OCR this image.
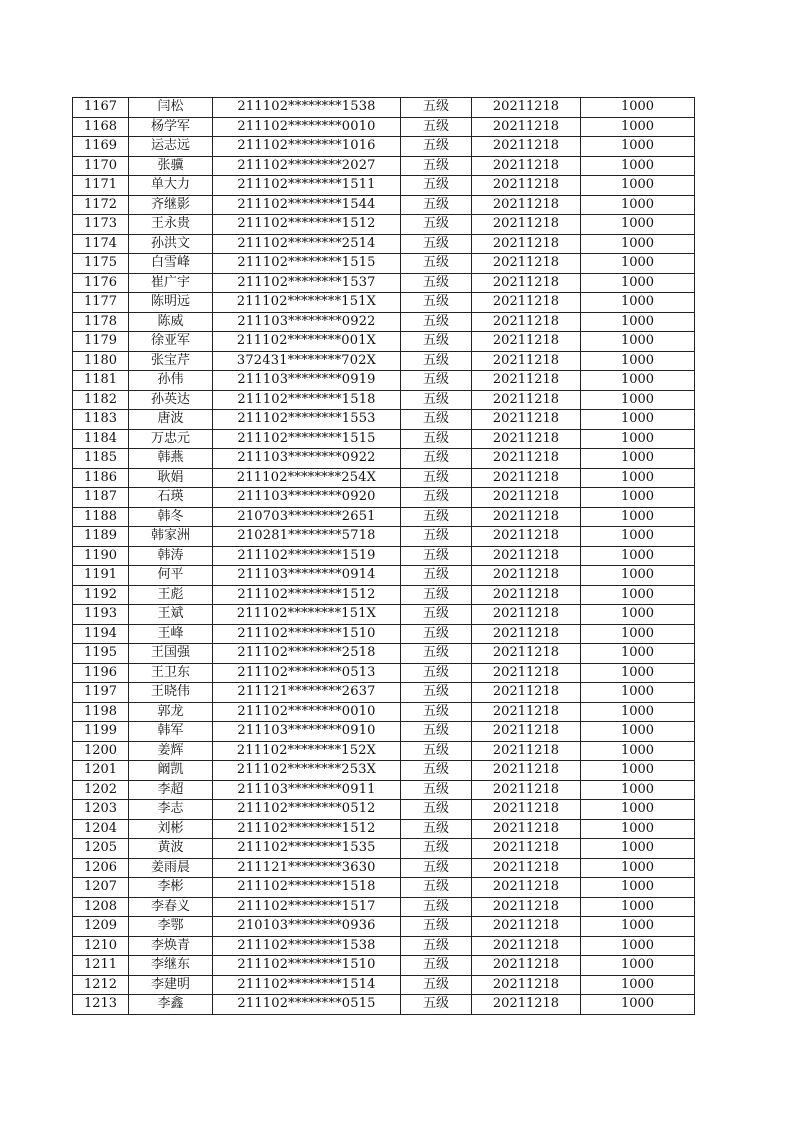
1167	闫松	211102********1538	五级	20211218	1000
1168	杨学军	211102********0010	五级	20211218	1000
1169	运志远	211102********1016	五级	20211218	1000
1170	张骥	211102********2027	五级	20211218	1000
1171	单大力	211102********1511	五级	20211218	1000
1172	齐继影	211102********1544	五级	20211218	1000
1173	王永贵	211102********1512	五级	20211218	1000
1174	孙洪文	211102********2514	五级	20211218	1000
1175	白雪峰	211102********1515	五级	20211218	1000
1176	崔广宇	211102********1537	五级	20211218	1000
1177	陈明远	211102********151X	五级	20211218	1000
1178	陈威	211103********0922	五级	20211218	1000
1179	徐亚军	211102********001X	五级	20211218	1000
1180	张宝芹	372431********702X	五级	20211218	1000
1181	孙伟	211103********0919	五级	20211218	1000
1182	孙英达	211102********1518	五级	20211218	1000
1183	唐波	211102********1553	五级	20211218	1000
1184	万忠元	211102********1515	五级	20211218	1000
1185	韩燕	211103********0922	五级	20211218	1000
1186	耿娟	211102********254X	五级	20211218	1000
1187	石瑛	211103********0920	五级	20211218	1000
1188	韩冬	210703********2651	五级	20211218	1000
1189	韩家洲	210281********5718	五级	20211218	1000
1190	韩涛	211102********1519	五级	20211218	1000
1191	何平	211103********0914	五级	20211218	1000
1192	王彪	211102********1512	五级	20211218	1000
1193	王斌	211102********151X	五级	20211218	1000
1194	王峰	211102********1510	五级	20211218	1000
1195	王国强	211102********2518	五级	20211218	1000
1196	王卫东	211102********0513	五级	20211218	1000
1197	王晓伟	211121********2637	五级	20211218	1000
1198	郭龙	211102********0010	五级	20211218	1000
1199	韩军	211103********0910	五级	20211218	1000
1200	姜辉	211102********152X	五级	20211218	1000
1201	阚凯	211102********253X	五级	20211218	1000
1202	李超	211103********0911	五级	20211218	1000
1203	李志	211102********0512	五级	20211218	1000
1204	刘彬	211102********1512	五级	20211218	1000
1205	黄波	211102********1535	五级	20211218	1000
1206	姜雨晨	211121********3630	五级	20211218	1000
1207	李彬	211102********1518	五级	20211218	1000
1208	李春义	211102********1517	五级	20211218	1000
1209	李鄂	210103********0936	五级	20211218	1000
1210	李焕青	211102********1538	五级	20211218	1000
1211	李继东	211102********1510	五级	20211218	1000
1212	李建明	211102********1514	五级	20211218	1000
1213	李鑫	211102********0515	五级	20211218	1000
